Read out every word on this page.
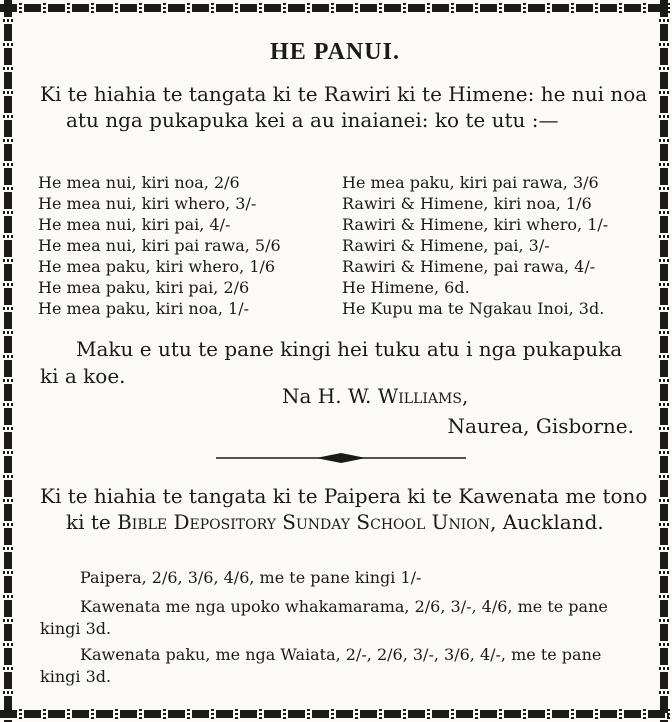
HE PANUI.
Ki te hiahia te tangata ki te Rawiri ki te Himene: he nui noa atu nga pukapuka kei a au inaianei: ko te utu :—
He mea nui, kiri noa, 2/6
He mea nui, kiri whero, 3/-
He mea nui, kiri pai, 4/-
He mea nui, kiri pai rawa, 5/6
He mea paku, kiri whero, 1/6
He mea paku, kiri pai, 2/6
He mea paku, kiri noa, 1/-
He mea paku, kiri pai rawa, 3/6
Rawiri & Himene, kiri noa, 1/6
Rawiri & Himene, kiri whero, 1/-
Rawiri & Himene, pai, 3/-
Rawiri & Himene, pai rawa, 4/-
He Himene, 6d.
He Kupu ma te Ngakau Inoi, 3d.
Maku e utu te pane kingi hei tuku atu i nga pukapuka ki a koe.
Na H. W. Williams,
Naurea, Gisborne.
Ki te hiahia te tangata ki te Paipera ki te Kawenata me tono ki te Bible Depository Sunday School Union, Auckland.
Paipera, 2/6, 3/6, 4/6, me te pane kingi 1/-
Kawenata me nga upoko whakamarama, 2/6, 3/-, 4/6, me te pane kingi 3d.
Kawenata paku, me nga Waiata, 2/-, 2/6, 3/-, 3/6, 4/-, me te pane kingi 3d.
